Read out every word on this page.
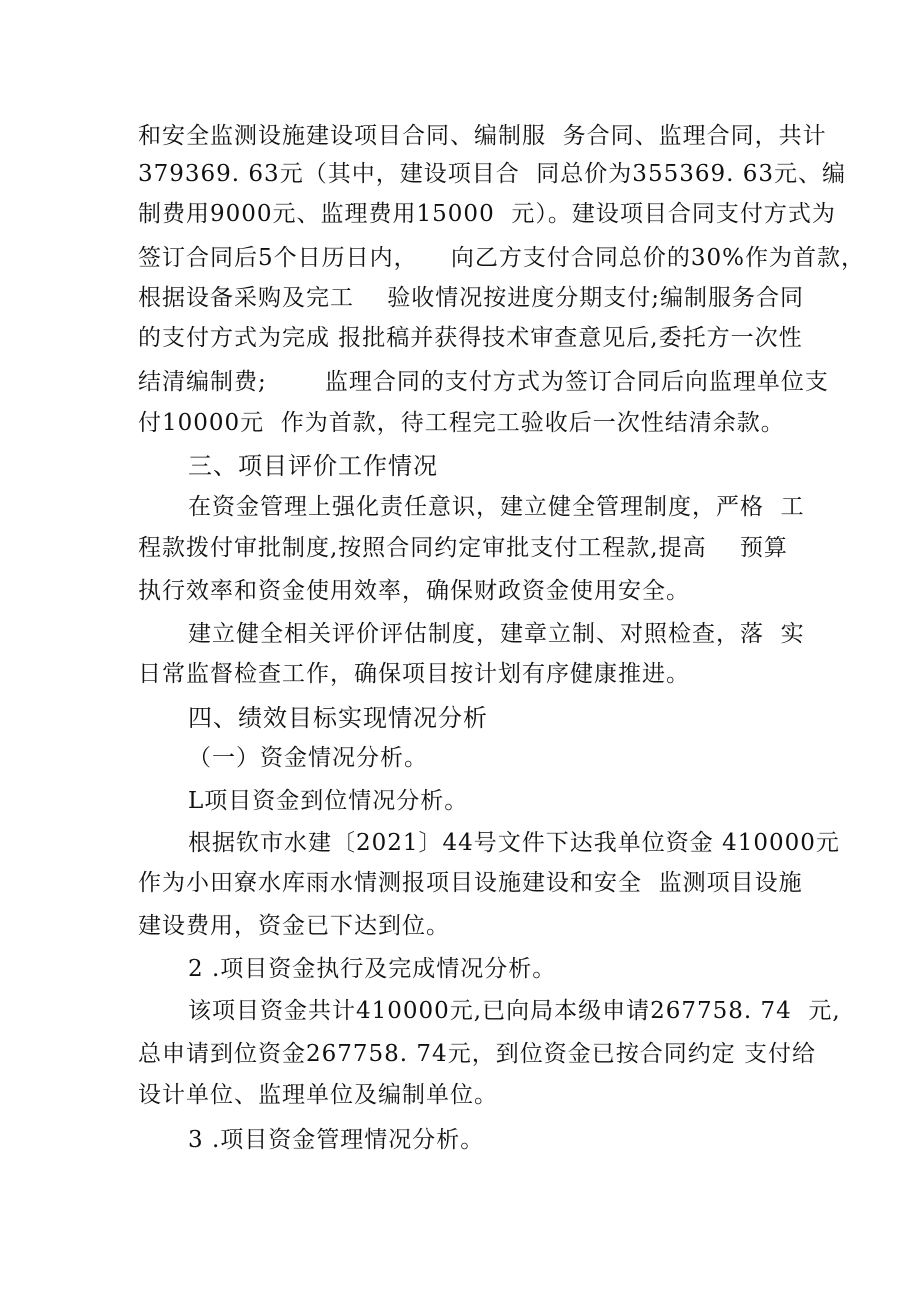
和安全监测设施建设项目合同、编制服  务合同、监理合同，共计
379369. 63元（其中，建设项目合  同总价为355369. 63元、编
制费用9000元、监理费用15000  元）。建设项目合同支付方式为
签订合同后5个日历日内，    向乙方支付合同总价的30%作为首款，
根据设备采购及完工    验收情况按进度分期支付;编制服务合同
的支付方式为完成 报批稿并获得技术审查意见后,委托方一次性
结清编制费;       监理合同的支付方式为签订合同后向监理单位支
付10000元  作为首款，待工程完工验收后一次性结清余款。
三、项目评价工作情况
在资金管理上强化责任意识，建立健全管理制度，严格  工
程款拨付审批制度,按照合同约定审批支付工程款,提高    预算
执行效率和资金使用效率，确保财政资金使用安全。
建立健全相关评价评估制度，建章立制、对照检查，落  实
日常监督检查工作，确保项目按计划有序健康推进。
四、绩效目标实现情况分析
（一）资金情况分析。
L项目资金到位情况分析。
根据钦市水建〔2021〕44号文件下达我单位资金 410000元
作为小田寮水库雨水情测报项目设施建设和安全  监测项目设施
建设费用，资金已下达到位。
2 .项目资金执行及完成情况分析。
该项目资金共计410000元,已向局本级申请267758. 74  元,
总申请到位资金267758. 74元，到位资金已按合同约定 支付给
设计单位、监理单位及编制单位。
3 .项目资金管理情况分析。
